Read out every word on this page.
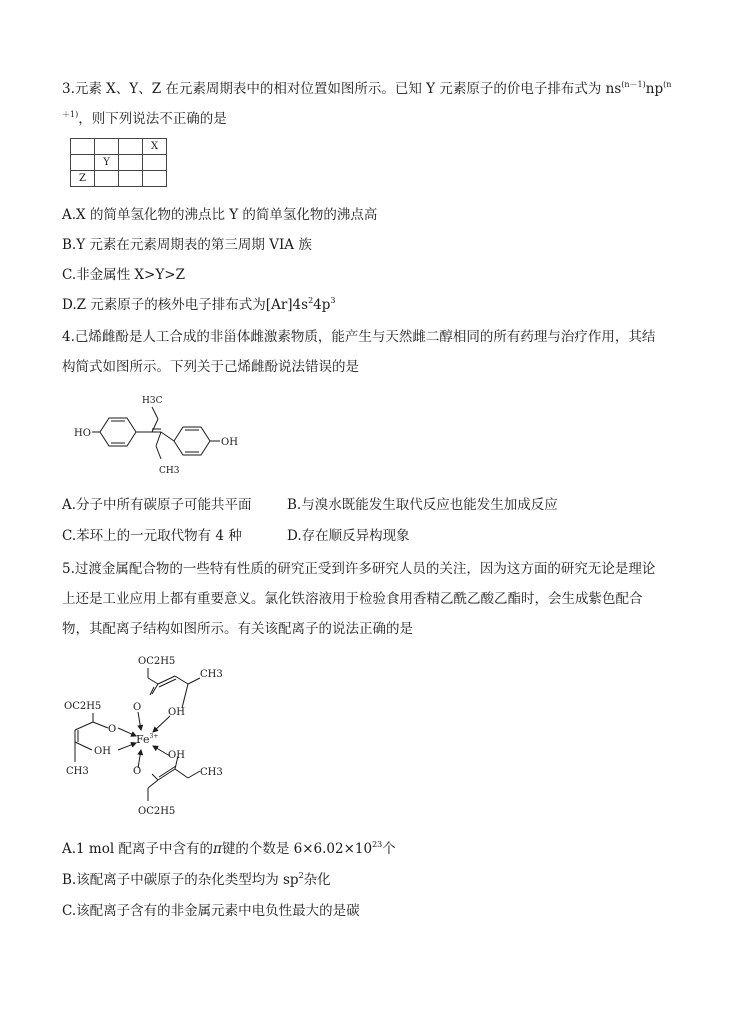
3.元素 X、Y、Z 在元素周期表中的相对位置如图所示。已知 Y 元素原子的价电子排布式为 $ns^{(n-1)}np^{(n}$
$^{+1)}$，则下列说法不正确的是
			X
	Y		
Z			
A.X 的简单氢化物的沸点比 Y 的简单氢化物的沸点高
B.Y 元素在元素周期表的第三周期 VIA 族
C.非金属性 X>Y>Z
D.Z 元素原子的核外电子排布式为$[Ar]4s^24p^3$
4.己烯雌酚是人工合成的非甾体雌激素物质，能产生与天然雌二醇相同的所有药理与治疗作用，其结
构简式如图所示。下列关于己烯雌酚说法错误的是
HO
H3C
CH3
OH
A.分子中所有碳原子可能共平面	B.与溴水既能发生取代反应也能发生加成反应
C.苯环上的一元取代物有 4 种	D.存在顺反异构现象
5.过渡金属配合物的一些特有性质的研究正受到许多研究人员的关注，因为这方面的研究无论是理论
上还是工业应用上都有重要意义。氯化铁溶液用于检验食用香精乙酰乙酸乙酯时，会生成紫色配合
物，其配离子结构如图所示。有关该配离子的说法正确的是
OC2H5
O	OH
CH3
OC2H5
O
OH
CH3
$Fe^{3+}$
OH
O	CH3
OC2H5
A.1 mol 配离子中含有的π键的个数是 $6\times 6.02\times 10^{23}$个
B.该配离子中碳原子的杂化类型均为 $sp^2$杂化
C.该配离子含有的非金属元素中电负性最大的是碳
